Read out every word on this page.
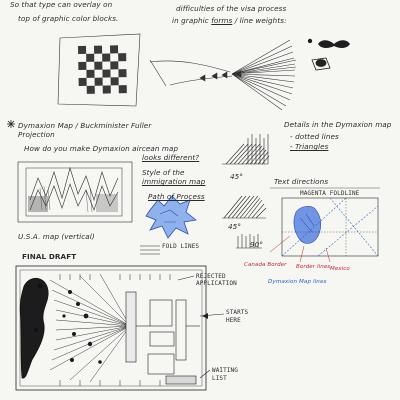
So that type can overlay on
top of graphic color blocks.
difficulties of the visa process
in graphic forms / line weights:
Dymaxion Map / Buckminister Fuller
Projection
How do you make Dymaxion aircean map
looks different?
Style of the
immigration map
Path of Process
Details in the Dymaxion map
- dotted lines
- Triangles
45°
45°
90°
Text directions
MAGENTA FOLDLINE
Canada Border Border lines Mexico
Dymaxion Map lines
U.S.A. map (vertical)
FOLD LINES
FINAL DRAFT
REJECTED
APPLICATION
STARTS
HERE
WAITING
LIST
